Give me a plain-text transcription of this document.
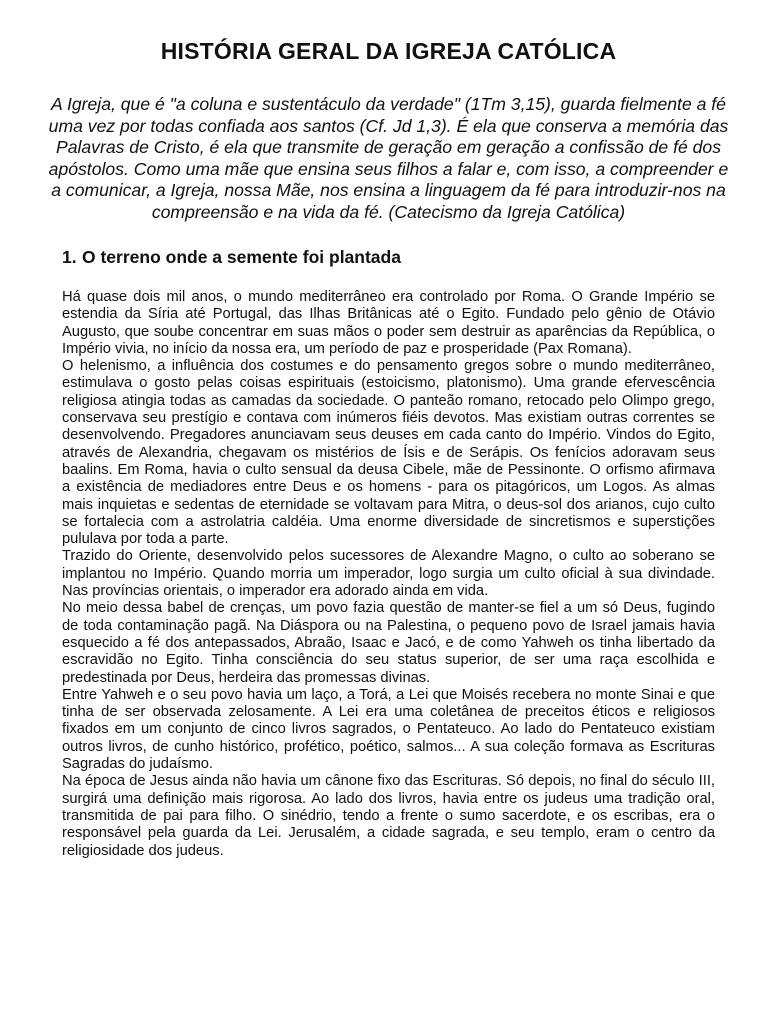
HISTÓRIA GERAL DA IGREJA CATÓLICA

A Igreja, que é "a coluna e sustentáculo da verdade" (1Tm 3,15), guarda fielmente a fé uma vez por todas confiada aos santos (Cf. Jd 1,3). É ela que conserva a memória das Palavras de Cristo, é ela que transmite de geração em geração a confissão de fé dos apóstolos. Como uma mãe que ensina seus filhos a falar e, com isso, a compreender e a comunicar, a Igreja, nossa Mãe, nos ensina a linguagem da fé para introduzir-nos na compreensão e na vida da fé. (Catecismo da Igreja Católica)

1. O terreno onde a semente foi plantada

Há quase dois mil anos, o mundo mediterrâneo era controlado por Roma. O Grande Império se estendia da Síria até Portugal, das Ilhas Britânicas até o Egito. Fundado pelo gênio de Otávio Augusto, que soube concentrar em suas mãos o poder sem destruir as aparências da República, o Império vivia, no início da nossa era, um período de paz e prosperidade (Pax Romana).

O helenismo, a influência dos costumes e do pensamento gregos sobre o mundo mediterrâneo, estimulava o gosto pelas coisas espirituais (estoicismo, platonismo). Uma grande efervescência religiosa atingia todas as camadas da sociedade. O panteão romano, retocado pelo Olimpo grego, conservava seu prestígio e contava com inúmeros fiéis devotos. Mas existiam outras correntes se desenvolvendo. Pregadores anunciavam seus deuses em cada canto do Império. Vindos do Egito, através de Alexandria, chegavam os mistérios de Ísis e de Serápis. Os fenícios adoravam seus baalins. Em Roma, havia o culto sensual da deusa Cibele, mãe de Pessinonte. O orfismo afirmava a existência de mediadores entre Deus e os homens - para os pitagóricos, um Logos. As almas mais inquietas e sedentas de eternidade se voltavam para Mitra, o deus-sol dos arianos, cujo culto se fortalecia com a astrolatria caldéia. Uma enorme diversidade de sincretismos e superstições pululava por toda a parte.

Trazido do Oriente, desenvolvido pelos sucessores de Alexandre Magno, o culto ao soberano se implantou no Império. Quando morria um imperador, logo surgia um culto oficial à sua divindade. Nas províncias orientais, o imperador era adorado ainda em vida.

No meio dessa babel de crenças, um povo fazia questão de manter-se fiel a um só Deus, fugindo de toda contaminação pagã. Na Diáspora ou na Palestina, o pequeno povo de Israel jamais havia esquecido a fé dos antepassados, Abraão, Isaac e Jacó, e de como Yahweh os tinha libertado da escravidão no Egito. Tinha consciência do seu status superior, de ser uma raça escolhida e predestinada por Deus, herdeira das promessas divinas.

Entre Yahweh e o seu povo havia um laço, a Torá, a Lei que Moisés recebera no monte Sinai e que tinha de ser observada zelosamente. A Lei era uma coletânea de preceitos éticos e religiosos fixados em um conjunto de cinco livros sagrados, o Pentateuco. Ao lado do Pentateuco existiam outros livros, de cunho histórico, profético, poético, salmos... A sua coleção formava as Escrituras Sagradas do judaísmo.

Na época de Jesus ainda não havia um cânone fixo das Escrituras. Só depois, no final do século III, surgirá uma definição mais rigorosa. Ao lado dos livros, havia entre os judeus uma tradição oral, transmitida de pai para filho. O sinédrio, tendo a frente o sumo sacerdote, e os escribas, era o responsável pela guarda da Lei. Jerusalém, a cidade sagrada, e seu templo, eram o centro da religiosidade dos judeus.
